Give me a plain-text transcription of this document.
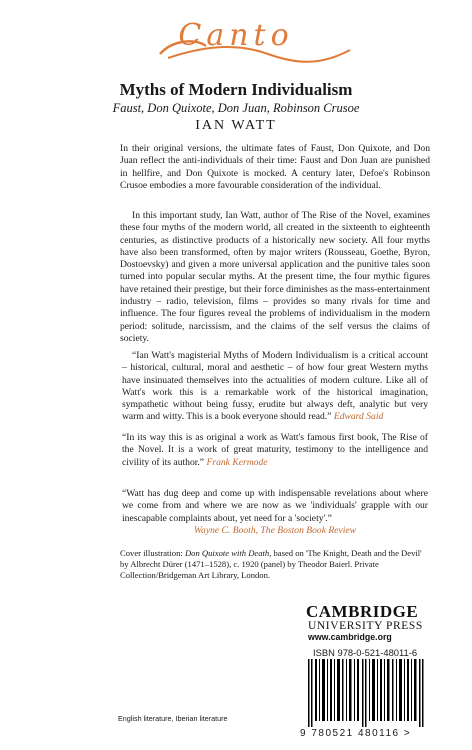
Canto
Myths of Modern Individualism
Faust, Don Quixote, Don Juan, Robinson Crusoe
IAN WATT

In their original versions, the ultimate fates of Faust, Don Quixote, and Don Juan reflect the anti-individuals of their time: Faust and Don Juan are punished in hellfire, and Don Quixote is mocked. A century later, Defoe's Robinson Crusoe embodies a more favourable consideration of the individual.

In this important study, Ian Watt, author of The Rise of the Novel, examines these four myths of the modern world, all created in the sixteenth to eighteenth centuries, as distinctive products of a historically new society. All four myths have also been transformed, often by major writers (Rousseau, Goethe, Byron, Dostoevsky) and given a more universal application and the punitive tales soon turned into popular secular myths. At the present time, the four mythic figures have retained their prestige, but their force diminishes as the mass-entertainment industry – radio, television, films – provides so many rivals for time and influence. The four figures reveal the problems of individualism in the modern period: solitude, narcissism, and the claims of the self versus the claims of society.

“Ian Watt's magisterial Myths of Modern Individualism is a critical account – historical, cultural, moral and aesthetic – of how four great Western myths have insinuated themselves into the actualities of modern culture. Like all of Watt's work this is a remarkable work of the historical imagination, sympathetic without being fussy, erudite but always deft, analytic but very warm and witty. This is a book everyone should read.” Edward Said
“In its way this is as original a work as Watt's famous first book, The Rise of the Novel. It is a work of great maturity, testimony to the intelligence and civility of its author.” Frank Kermode
“Watt has dug deep and come up with indispensable revelations about where we come from and where we are now as we 'individuals' grapple with our inescapable complaints about, yet need for a 'society'.”
Wayne C. Booth, The Boston Book Review
Cover illustration: Don Quixote with Death, based on 'The Knight, Death and the Devil' by Albrecht Dürer (1471–1528), c. 1920 (panel) by Theodor Baierl. Private Collection/Bridgeman Art Library, London.
CAMBRIDGE
UNIVERSITY PRESS
www.cambridge.org
ISBN 978-0-521-48011-6
9 780521 480116 >
English literature, Iberian literature
